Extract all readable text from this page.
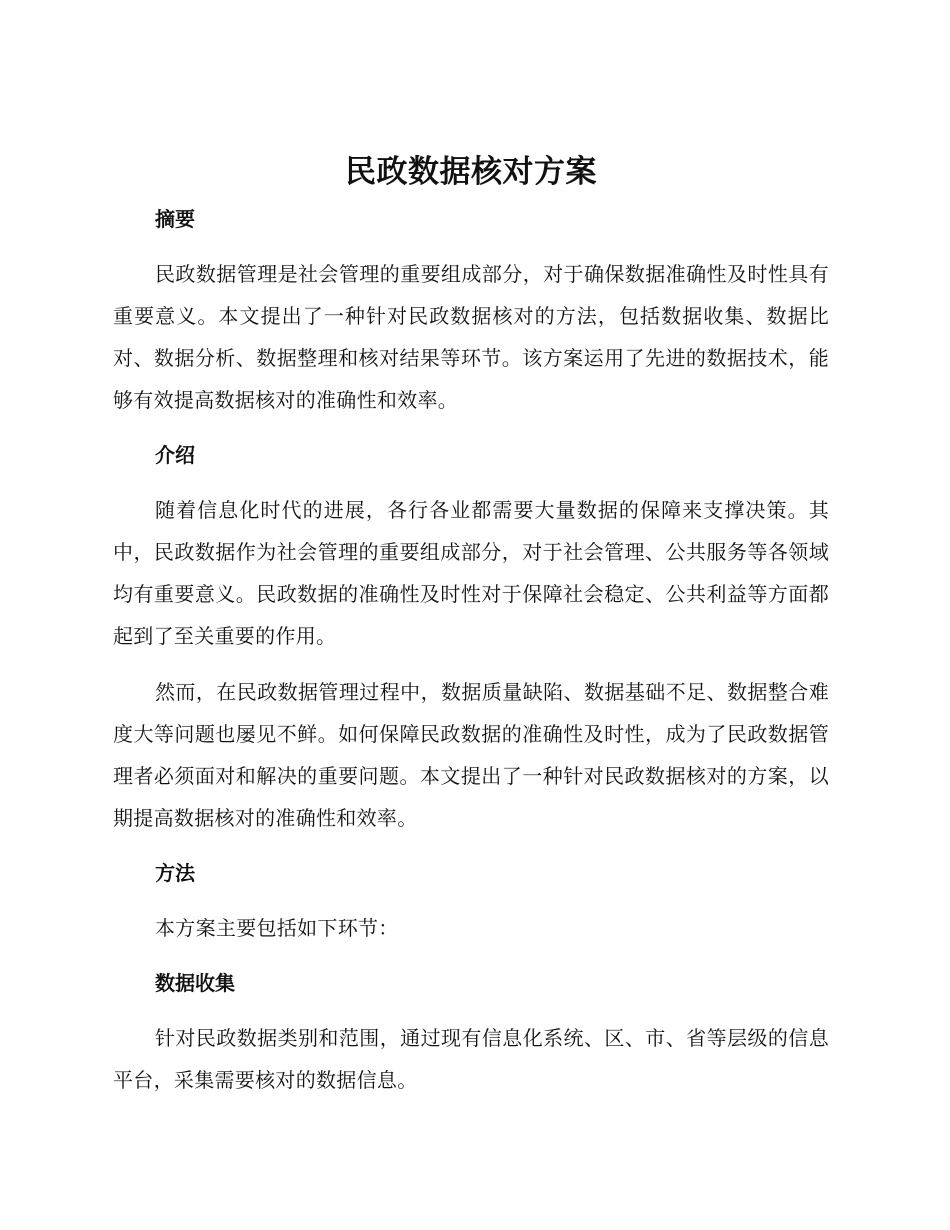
民政数据核对方案
摘要

民政数据管理是社会管理的重要组成部分，对于确保数据准确性及时性具有重要意义。本文提出了一种针对民政数据核对的方法，包括数据收集、数据比对、数据分析、数据整理和核对结果等环节。该方案运用了先进的数据技术，能够有效提高数据核对的准确性和效率。

介绍

随着信息化时代的进展，各行各业都需要大量数据的保障来支撑决策。其中，民政数据作为社会管理的重要组成部分，对于社会管理、公共服务等各领域均有重要意义。民政数据的准确性及时性对于保障社会稳定、公共利益等方面都起到了至关重要的作用。

然而，在民政数据管理过程中，数据质量缺陷、数据基础不足、数据整合难度大等问题也屡见不鲜。如何保障民政数据的准确性及时性，成为了民政数据管理者必须面对和解决的重要问题。本文提出了一种针对民政数据核对的方案，以期提高数据核对的准确性和效率。

方法

本方案主要包括如下环节：

数据收集

针对民政数据类别和范围，通过现有信息化系统、区、市、省等层级的信息平台，采集需要核对的数据信息。
